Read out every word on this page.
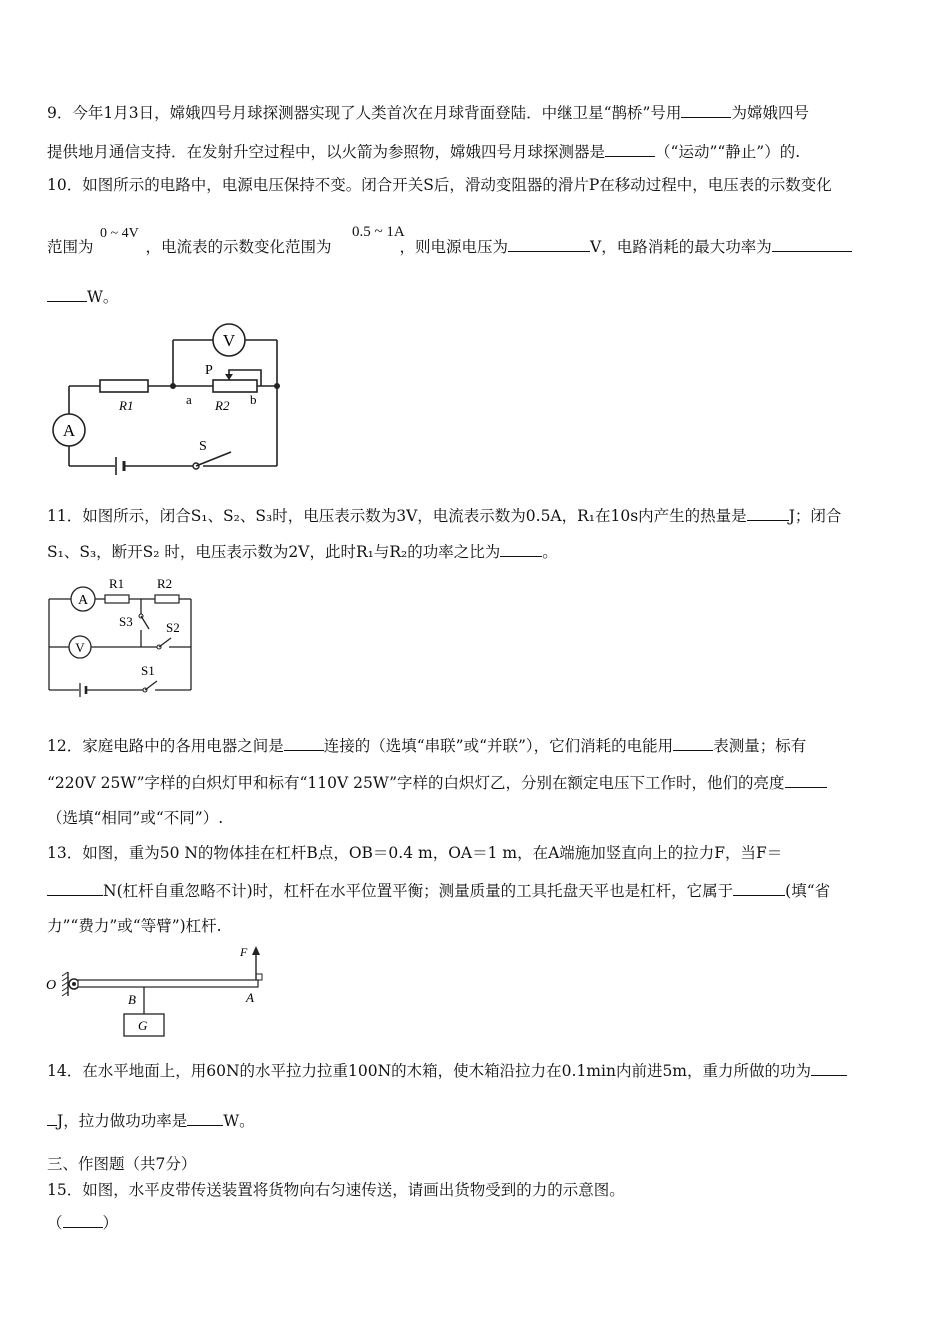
9．今年1月3日，嫦娥四号月球探测器实现了人类首次在月球背面登陆．中继卫星“鹊桥”号用	为嫦娥四号
提供地月通信支持．在发射升空过程中，以火箭为参照物，嫦娥四号月球探测器是	（“运动”“静止”）的.
10．如图所示的电路中，电源电压保持不变。闭合开关S后，滑动变阻器的滑片P在移动过程中，电压表的示数变化
范围为	，电流表的示数变化范围为	，则电源电压为	V，电路消耗的最大功率为
0 ~ 4V	0.5 ~ 1A
W。
V
A
R1	R2
P
a	b
S
11．如图所示，闭合S₁、S₂、S₃时，电压表示数为3V，电流表示数为0.5A，R₁在10s内产生的热量是	J；闭合
S₁、S₃，断开S₂ 时，电压表示数为2V，此时R₁与R₂的功率之比为	。
A
V
R1	R2
S3	S2
S1
12．家庭电路中的各用电器之间是	连接的（选填“串联”或“并联”），它们消耗的电能用	表测量；标有
“220V 25W”字样的白炽灯甲和标有“110V 25W”字样的白炽灯乙，分别在额定电压下工作时，他们的亮度
（选填“相同”或“不同”）.
13．如图，重为50 N的物体挂在杠杆B点，OB＝0.4 m，OA＝1 m，在A端施加竖直向上的拉力F，当F＝
N(杠杆自重忽略不计)时，杠杆在水平位置平衡；测量质量的工具托盘天平也是杠杆，它属于	(填“省
力”“费力”或“等臂”)杠杆.
O
B	A
F
G
14．在水平地面上，用60N的水平拉力拉重100N的木箱，使木箱沿拉力在0.1min内前进5m，重力所做的功为
J，拉力做功功率是 W。
三、作图题（共7分）
15．如图，水平皮带传送装置将货物向右匀速传送，请画出货物受到的力的示意图。
（	）
